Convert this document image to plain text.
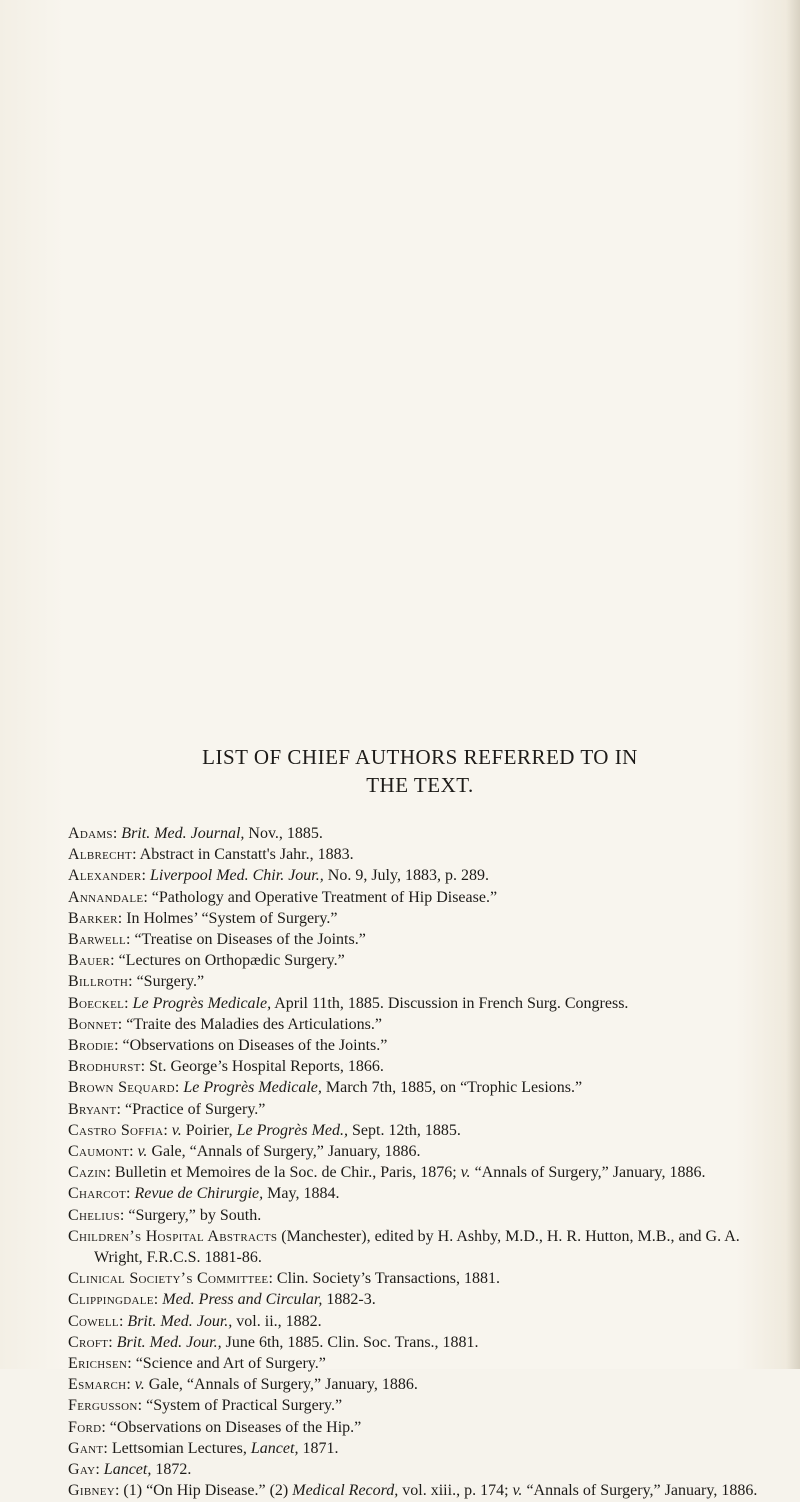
LIST OF CHIEF AUTHORS REFERRED TO IN
THE TEXT.

Adams: Brit. Med. Journal, Nov., 1885.

Albrecht: Abstract in Canstatt's Jahr., 1883.

Alexander: Liverpool Med. Chir. Jour., No. 9, July, 1883, p. 289.

Annandale: “Pathology and Operative Treatment of Hip Disease.”

Barker: In Holmes’ “System of Surgery.”

Barwell: “Treatise on Diseases of the Joints.”

Bauer: “Lectures on Orthopædic Surgery.”

Billroth: “Surgery.”

Boeckel: Le Progrès Medicale, April 11th, 1885. Discussion in French Surg. Congress.

Bonnet: “Traite des Maladies des Articulations.”

Brodie: “Observations on Diseases of the Joints.”

Brodhurst: St. George’s Hospital Reports, 1866.

Brown Sequard: Le Progrès Medicale, March 7th, 1885, on “Trophic Lesions.”

Bryant: “Practice of Surgery.”

Castro Soffia: v. Poirier, Le Progrès Med., Sept. 12th, 1885.

Caumont: v. Gale, “Annals of Surgery,” January, 1886.

Cazin: Bulletin et Memoires de la Soc. de Chir., Paris, 1876; v. “Annals of Surgery,” January, 1886.

Charcot: Revue de Chirurgie, May, 1884.

Chelius: “Surgery,” by South.

Children’s Hospital Abstracts (Manchester), edited by H. Ashby, M.D., H. R. Hutton, M.B., and G. A. Wright, F.R.C.S. 1881-86.

Clinical Society’s Committee: Clin. Society’s Transactions, 1881.

Clippingdale: Med. Press and Circular, 1882-3.

Cowell: Brit. Med. Jour., vol. ii., 1882.

Croft: Brit. Med. Jour., June 6th, 1885. Clin. Soc. Trans., 1881.

Erichsen: “Science and Art of Surgery.”

Esmarch: v. Gale, “Annals of Surgery,” January, 1886.

Fergusson: “System of Practical Surgery.”

Ford: “Observations on Diseases of the Hip.”

Gant: Lettsomian Lectures, Lancet, 1871.

Gay: Lancet, 1872.

Gibney: (1) “On Hip Disease.” (2) Medical Record, vol. xiii., p. 174; v. “Annals of Surgery,” January, 1886.
